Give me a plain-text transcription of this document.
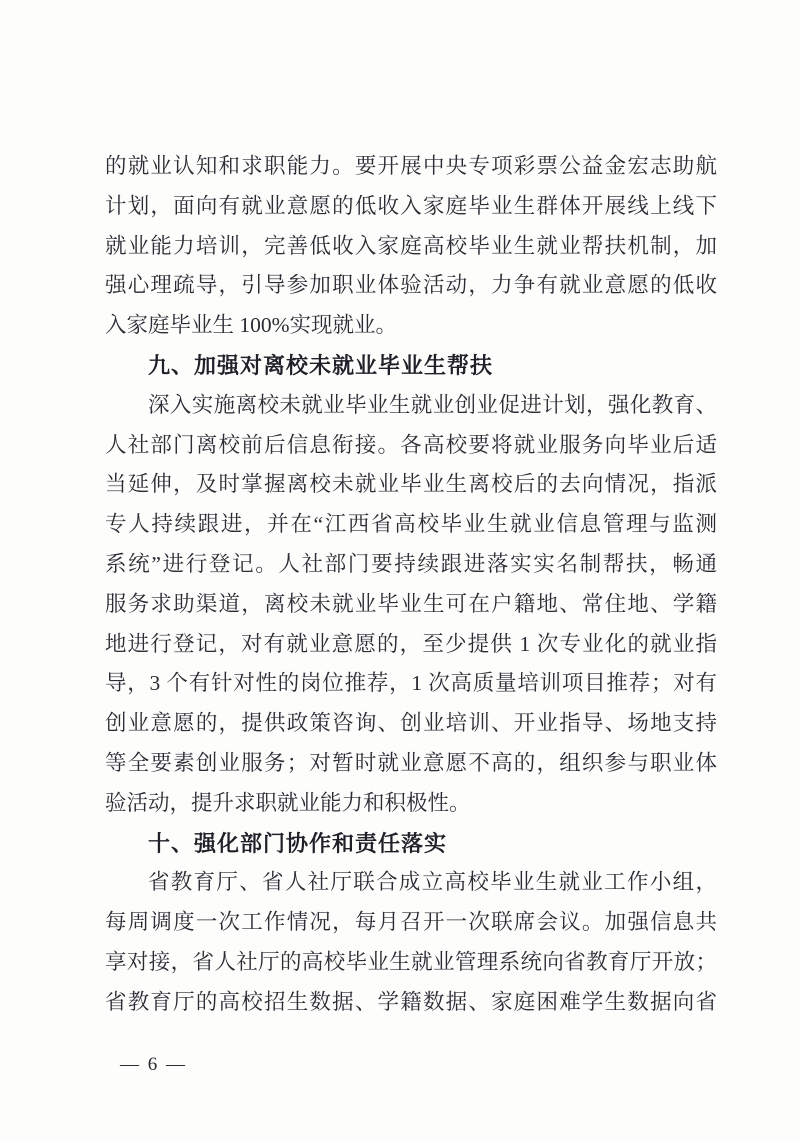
的就业认知和求职能力。要开展中央专项彩票公益金宏志助航
计划，面向有就业意愿的低收入家庭毕业生群体开展线上线下
就业能力培训，完善低收入家庭高校毕业生就业帮扶机制，加
强心理疏导，引导参加职业体验活动，力争有就业意愿的低收
入家庭毕业生 100%实现就业。
九、加强对离校未就业毕业生帮扶
深入实施离校未就业毕业生就业创业促进计划，强化教育、
人社部门离校前后信息衔接。各高校要将就业服务向毕业后适
当延伸，及时掌握离校未就业毕业生离校后的去向情况，指派
专人持续跟进，并在“江西省高校毕业生就业信息管理与监测
系统”进行登记。人社部门要持续跟进落实实名制帮扶，畅通
服务求助渠道，离校未就业毕业生可在户籍地、常住地、学籍
地进行登记，对有就业意愿的，至少提供 1 次专业化的就业指
导，3 个有针对性的岗位推荐，1 次高质量培训项目推荐；对有
创业意愿的，提供政策咨询、创业培训、开业指导、场地支持
等全要素创业服务；对暂时就业意愿不高的，组织参与职业体
验活动，提升求职就业能力和积极性。
十、强化部门协作和责任落实
省教育厅、省人社厅联合成立高校毕业生就业工作小组，
每周调度一次工作情况，每月召开一次联席会议。加强信息共
享对接，省人社厅的高校毕业生就业管理系统向省教育厅开放；
省教育厅的高校招生数据、学籍数据、家庭困难学生数据向省
— 6 —
